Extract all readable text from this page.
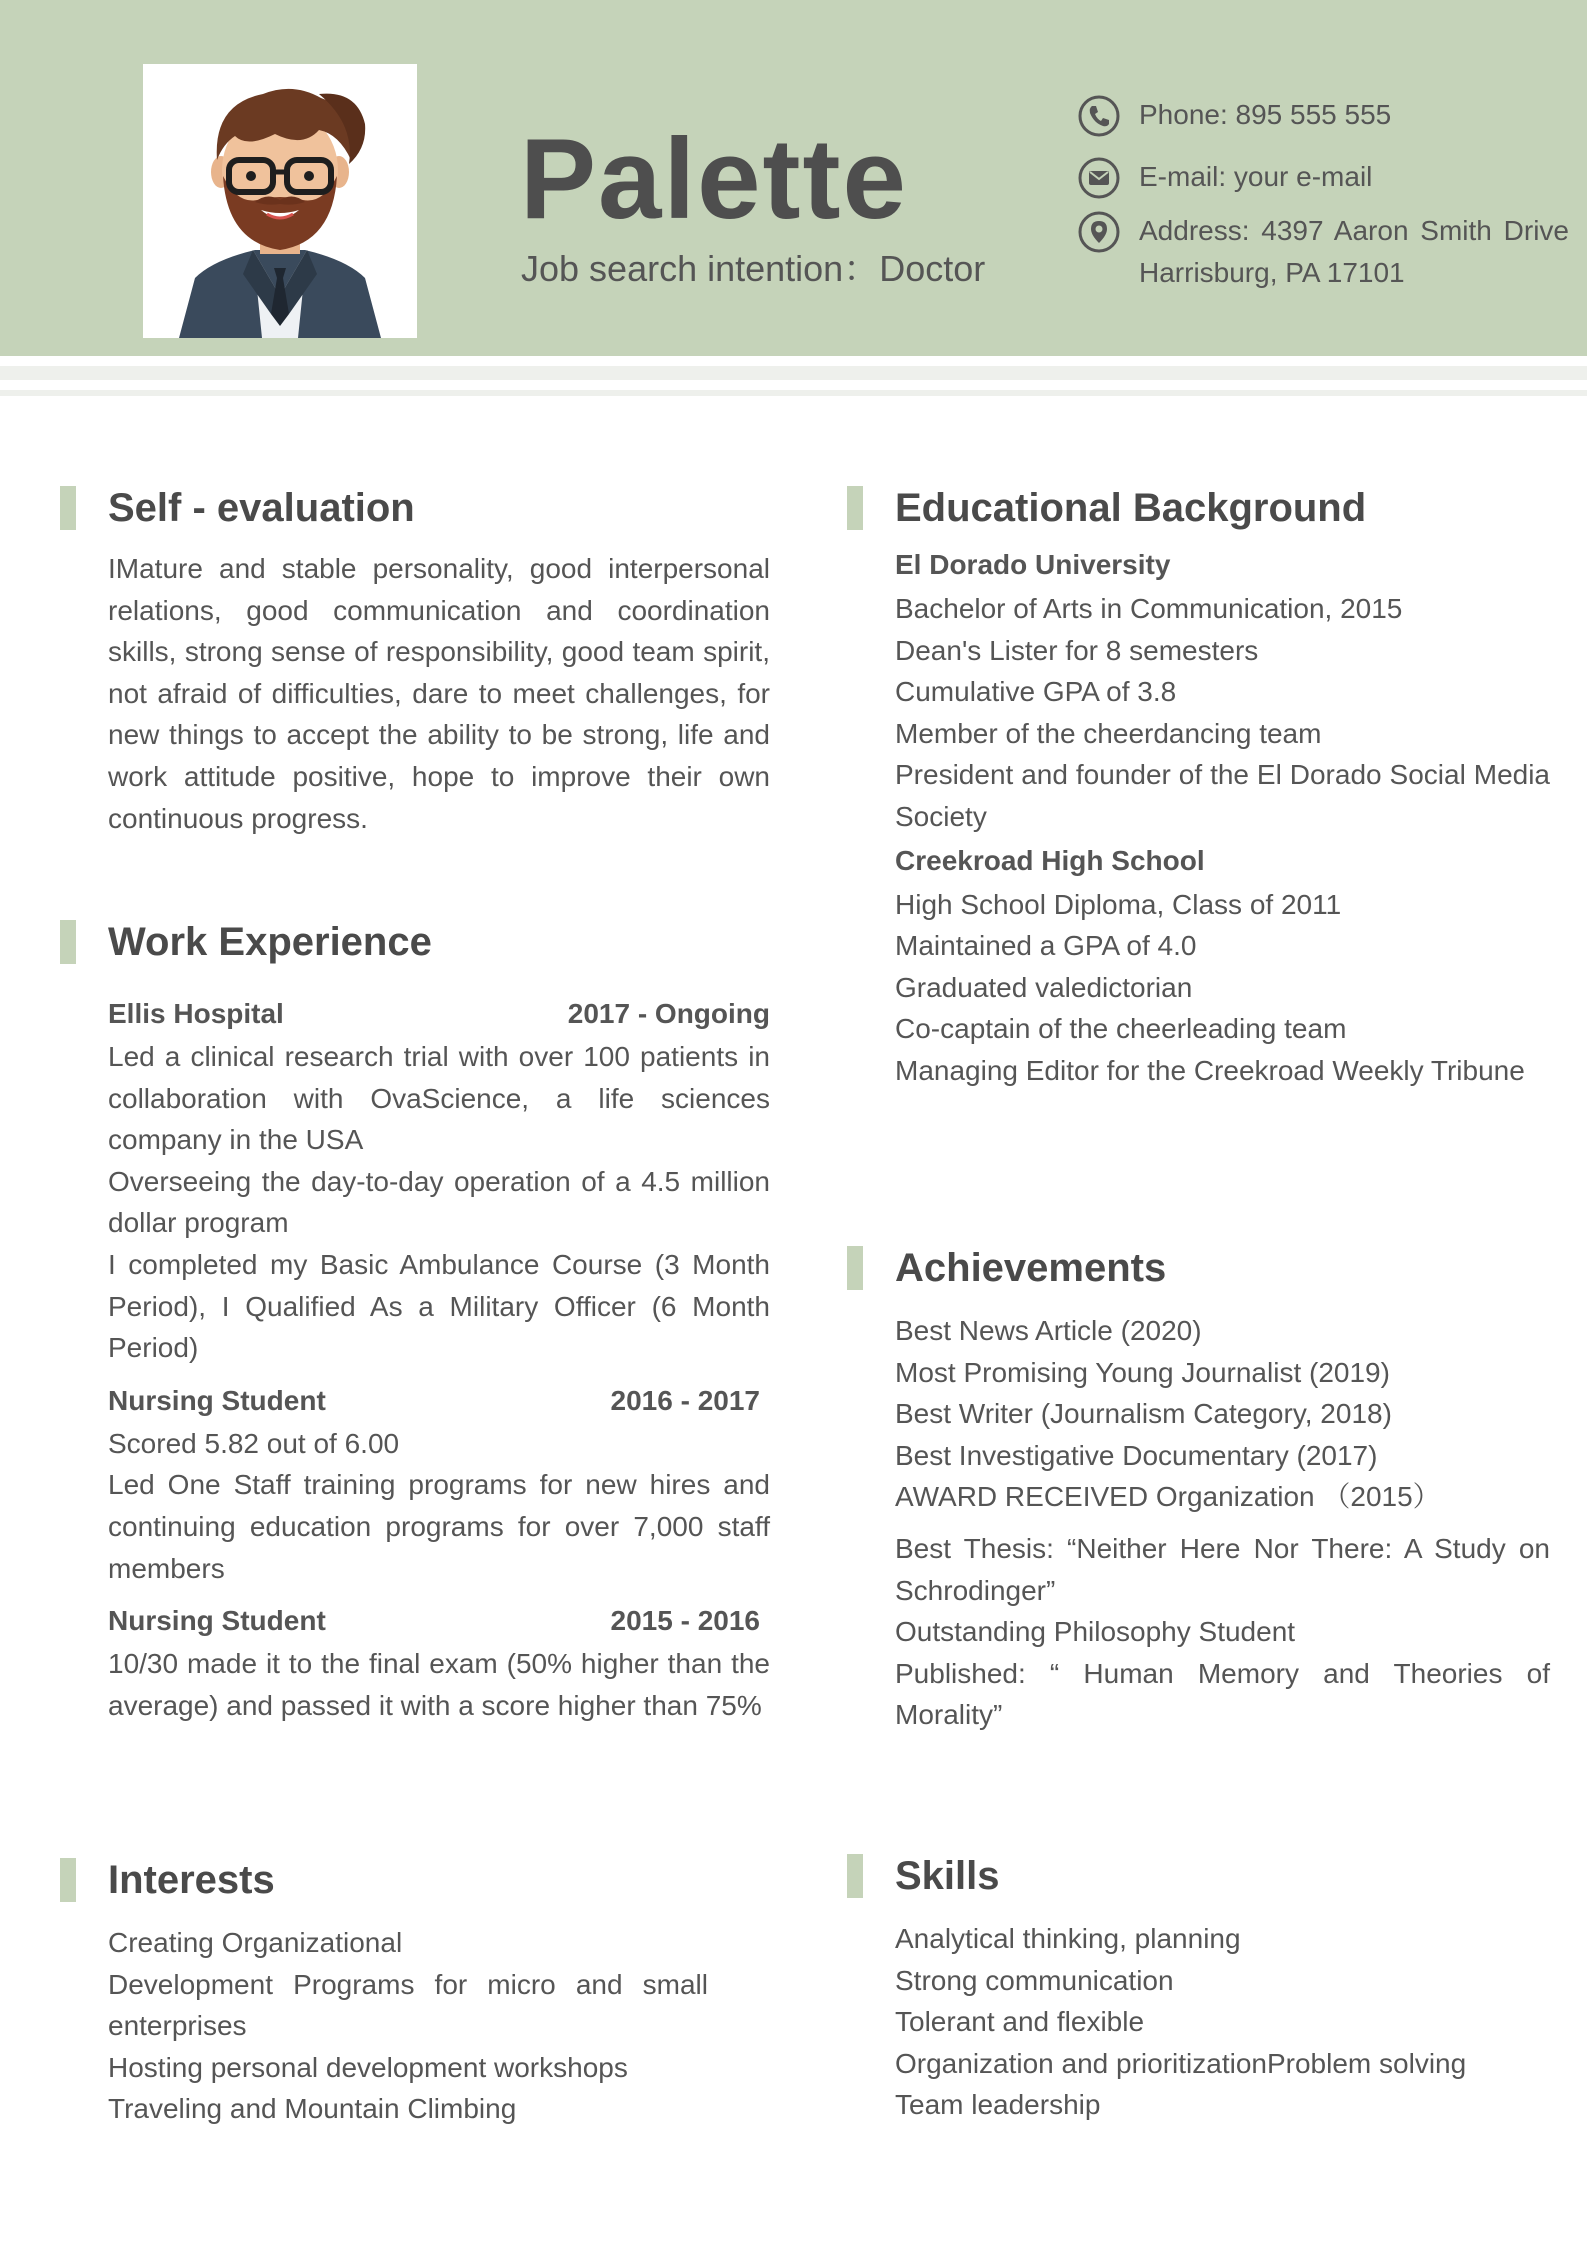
Palette
Job search intention：Doctor
Phone: 895 555 555
E-mail: your e-mail
Address: 4397 Aaron Smith Drive Harrisburg, PA 17101
Self - evaluation
IMature and stable personality, good interpersonal relations, good communication and coordination skills, strong sense of responsibility, good team spirit, not afraid of difficulties, dare to meet challenges, for new things to accept the ability to be strong, life and work attitude positive, hope to improve their own continuous progress.
Work Experience
Ellis Hospital	2017 - Ongoing
Led a clinical research trial with over 100 patients in collaboration with OvaScience, a life sciences company in the USA
Overseeing the day-to-day operation of a 4.5 million dollar program
I completed my Basic Ambulance Course (3 Month Period), I Qualified As a Military Officer (6 Month Period)
Nursing Student	2016 - 2017
Scored 5.82 out of 6.00
Led One Staff training programs for new hires and continuing education programs for over 7,000 staff members
Nursing Student	2015 - 2016
10/30 made it to the final exam (50% higher than the average) and passed it with a score higher than 75%
Interests
Creating Organizational
Development Programs for micro and small enterprises
Hosting personal development workshops
Traveling and Mountain Climbing
Educational Background
El Dorado University
Bachelor of Arts in Communication, 2015
Dean's Lister for 8 semesters
Cumulative GPA of 3.8
Member of the cheerdancing team
President and founder of the El Dorado Social Media Society
Creekroad High School
High School Diploma, Class of 2011
Maintained a GPA of 4.0
Graduated valedictorian
Co-captain of the cheerleading team
Managing Editor for the Creekroad Weekly Tribune
Achievements
Best News Article (2020)
Most Promising Young Journalist (2019)
Best Writer (Journalism Category, 2018)
Best Investigative Documentary (2017)
AWARD RECEIVED Organization （2015）
Best Thesis: “Neither Here Nor There: A Study on Schrodinger”
Outstanding Philosophy Student
Published: “ Human Memory and Theories of Morality”
Skills
Analytical thinking, planning
Strong communication
Tolerant and flexible
Organization and prioritizationProblem solving
Team leadership
